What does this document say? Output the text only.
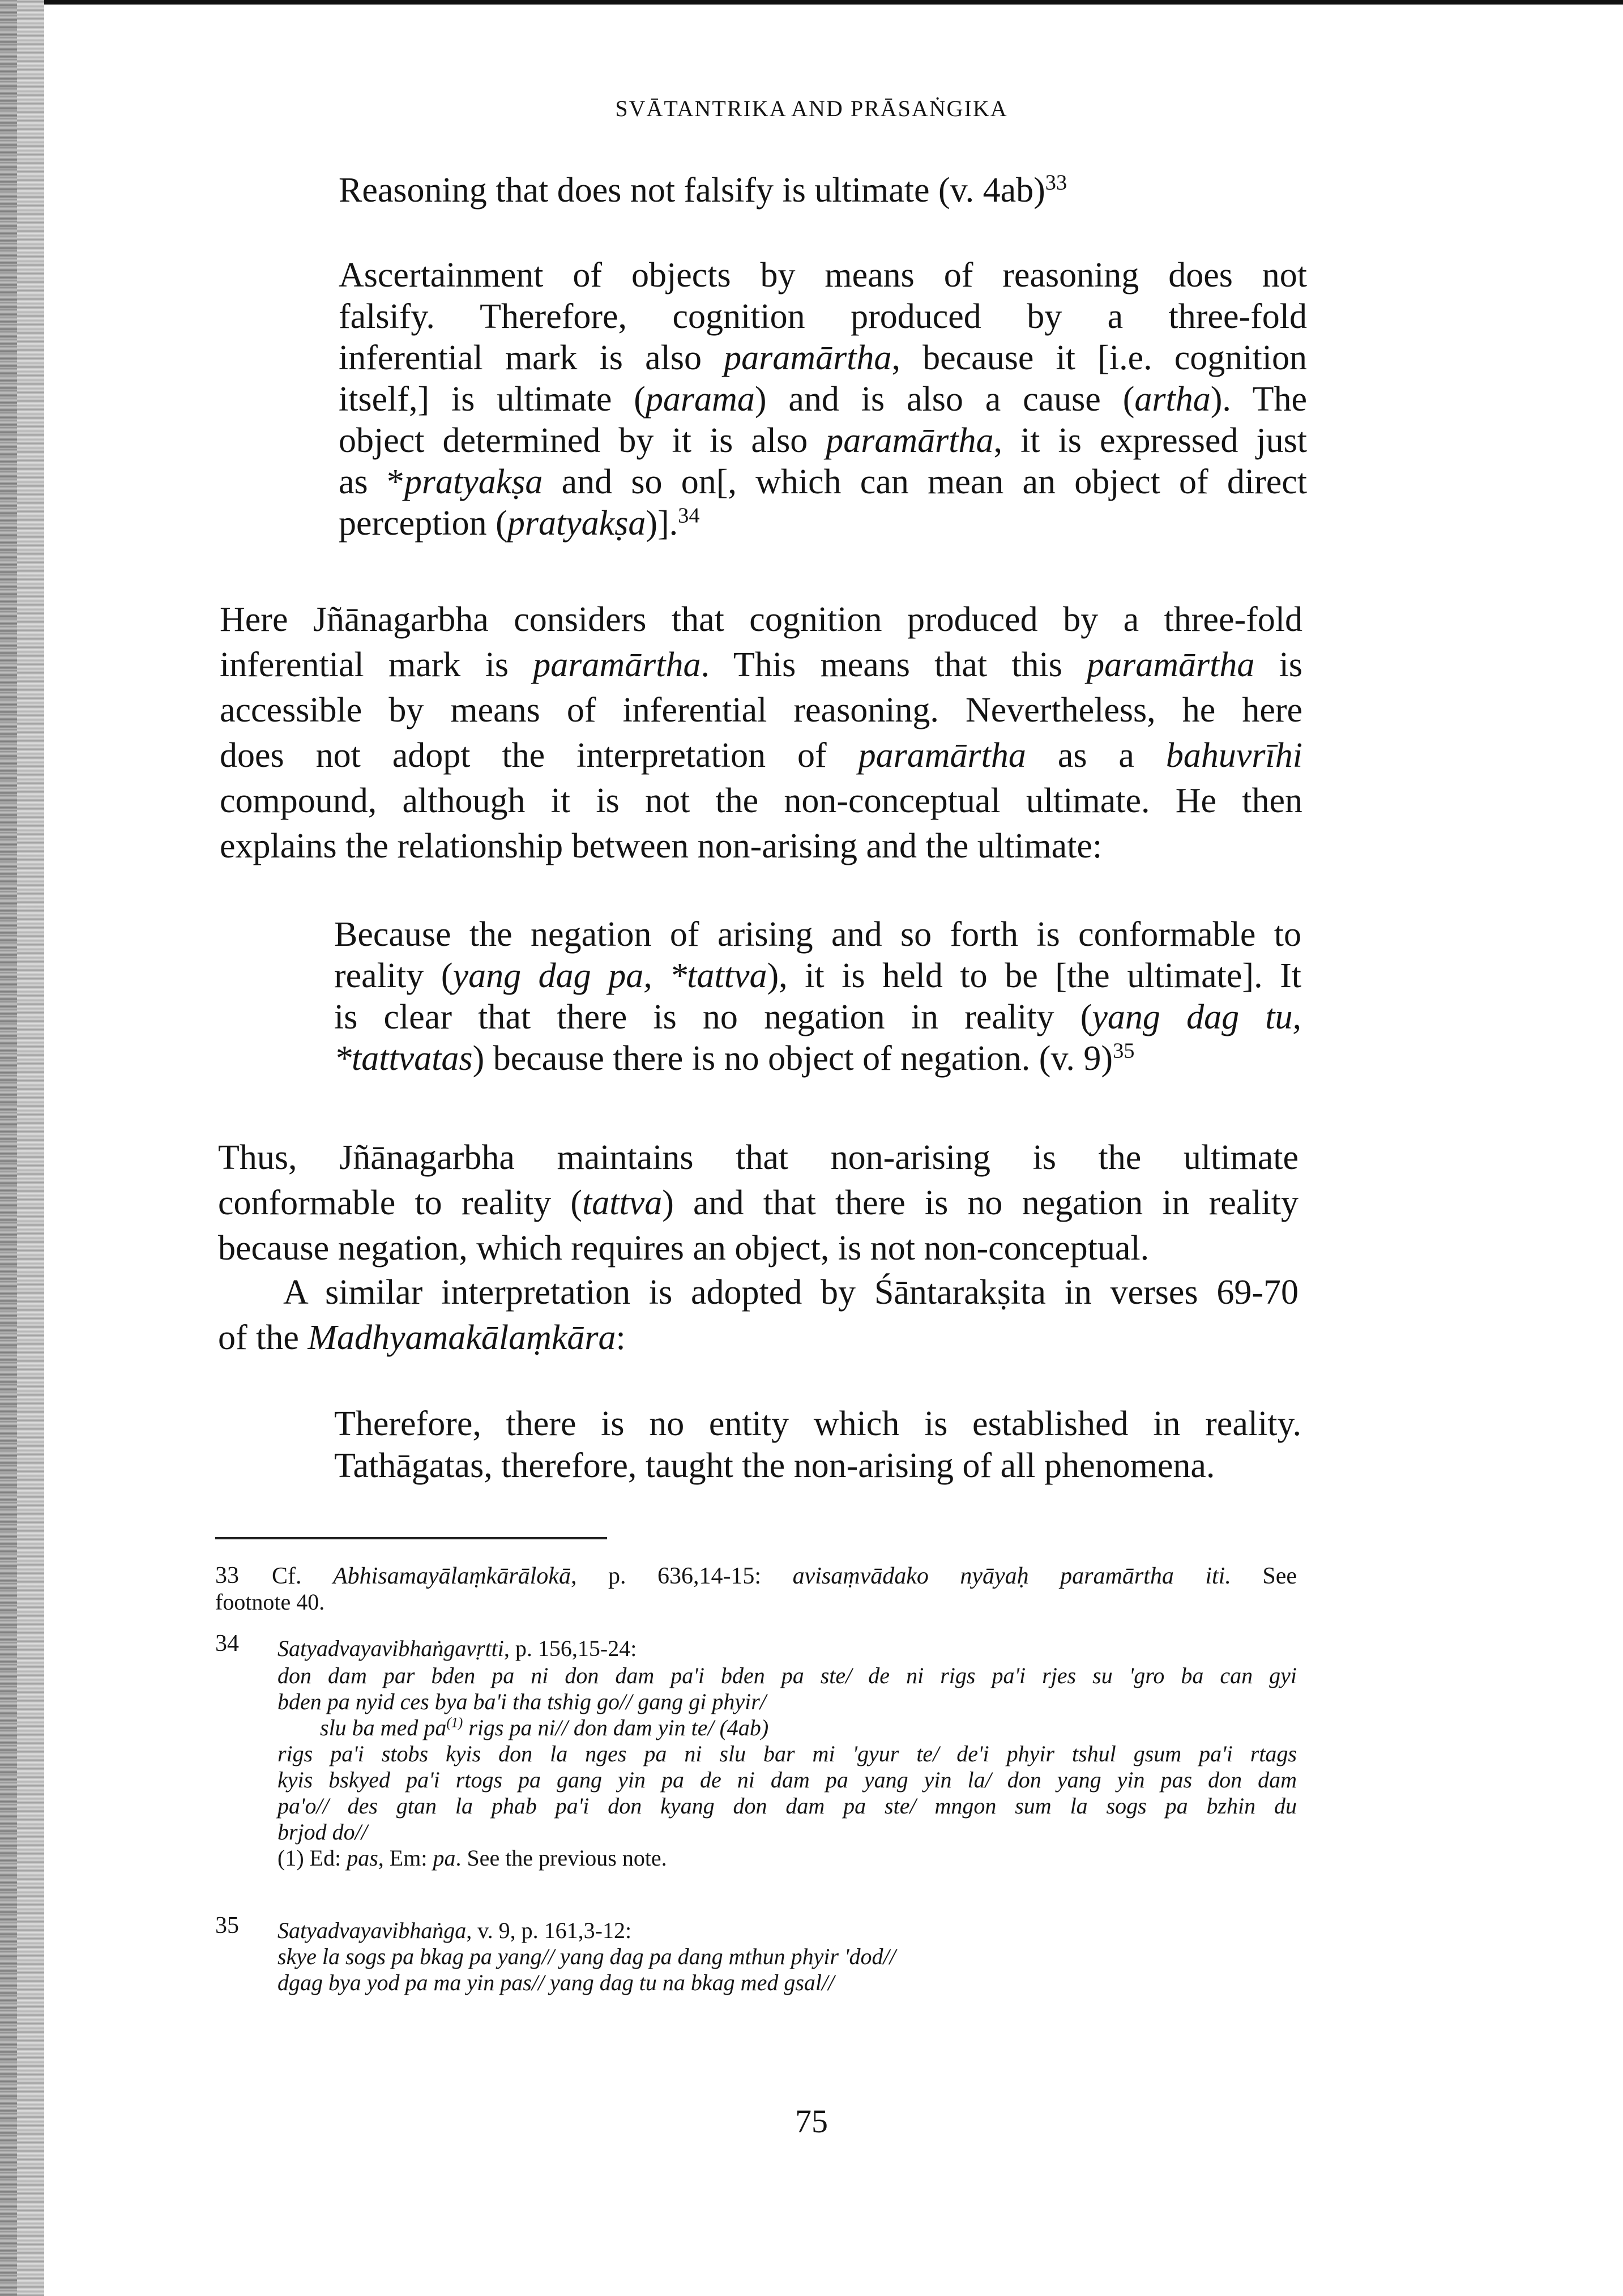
SVĀTANTRIKA AND PRĀSAṄGIKA
Reasoning that does not falsify is ultimate (v. 4ab)$^{33}$
Ascertainment of objects by means of reasoning does not
falsify. Therefore, cognition produced by a three-fold
inferential mark is also paramārtha, because it [i.e. cognition
itself,] is ultimate (parama) and is also a cause (artha). The
object determined by it is also paramārtha, it is expressed just
as *pratyakṣa and so on[, which can mean an object of direct
perception (pratyakṣa)].$^{34}$
Here Jñānagarbha considers that cognition produced by a three-fold
inferential mark is paramārtha. This means that this paramārtha is
accessible by means of inferential reasoning. Nevertheless, he here
does not adopt the interpretation of paramārtha as a bahuvrīhi
compound, although it is not the non-conceptual ultimate. He then
explains the relationship between non-arising and the ultimate:
Because the negation of arising and so forth is conformable to
reality (yang dag pa, *tattva), it is held to be [the ultimate]. It
is clear that there is no negation in reality (yang dag tu,
*tattvatas) because there is no object of negation. (v. 9)$^{35}$
Thus, Jñānagarbha maintains that non-arising is the ultimate
conformable to reality (tattva) and that there is no negation in reality
because negation, which requires an object, is not non-conceptual.
A similar interpretation is adopted by Śāntarakṣita in verses 69-70
of the Madhyamakālaṃkāra:
Therefore, there is no entity which is established in reality.
Tathāgatas, therefore, taught the non-arising of all phenomena.
33 Cf. Abhisamayālaṃkārālokā, p. 636,14-15: avisaṃvādako nyāyaḥ paramārtha iti. See
footnote 40.
34 Satyadvayavibhaṅgavṛtti, p. 156,15-24:
don dam par bden pa ni don dam pa'i bden pa ste/ de ni rigs pa'i rjes su 'gro ba can gyi
bden pa nyid ces bya ba'i tha tshig go// gang gi phyir/
slu ba med $pa^{(1)}$ rigs pa ni// don dam yin te/ (4ab)
rigs pa'i stobs kyis don la nges pa ni slu bar mi 'gyur te/ de'i phyir tshul gsum pa'i rtags
kyis bskyed pa'i rtogs pa gang yin pa de ni dam pa yang yin la/ don yang yin pas don dam
pa'o// des gtan la phab pa'i don kyang don dam pa ste/ mngon sum la sogs pa bzhin du
brjod do//
(1) Ed: pas, Em: pa. See the previous note.
35 Satyadvayavibhaṅga, v. 9, p. 161,3-12:
skye la sogs pa bkag pa yang// yang dag pa dang mthun phyir 'dod//
dgag bya yod pa ma yin pas// yang dag tu na bkag med gsal//
75
